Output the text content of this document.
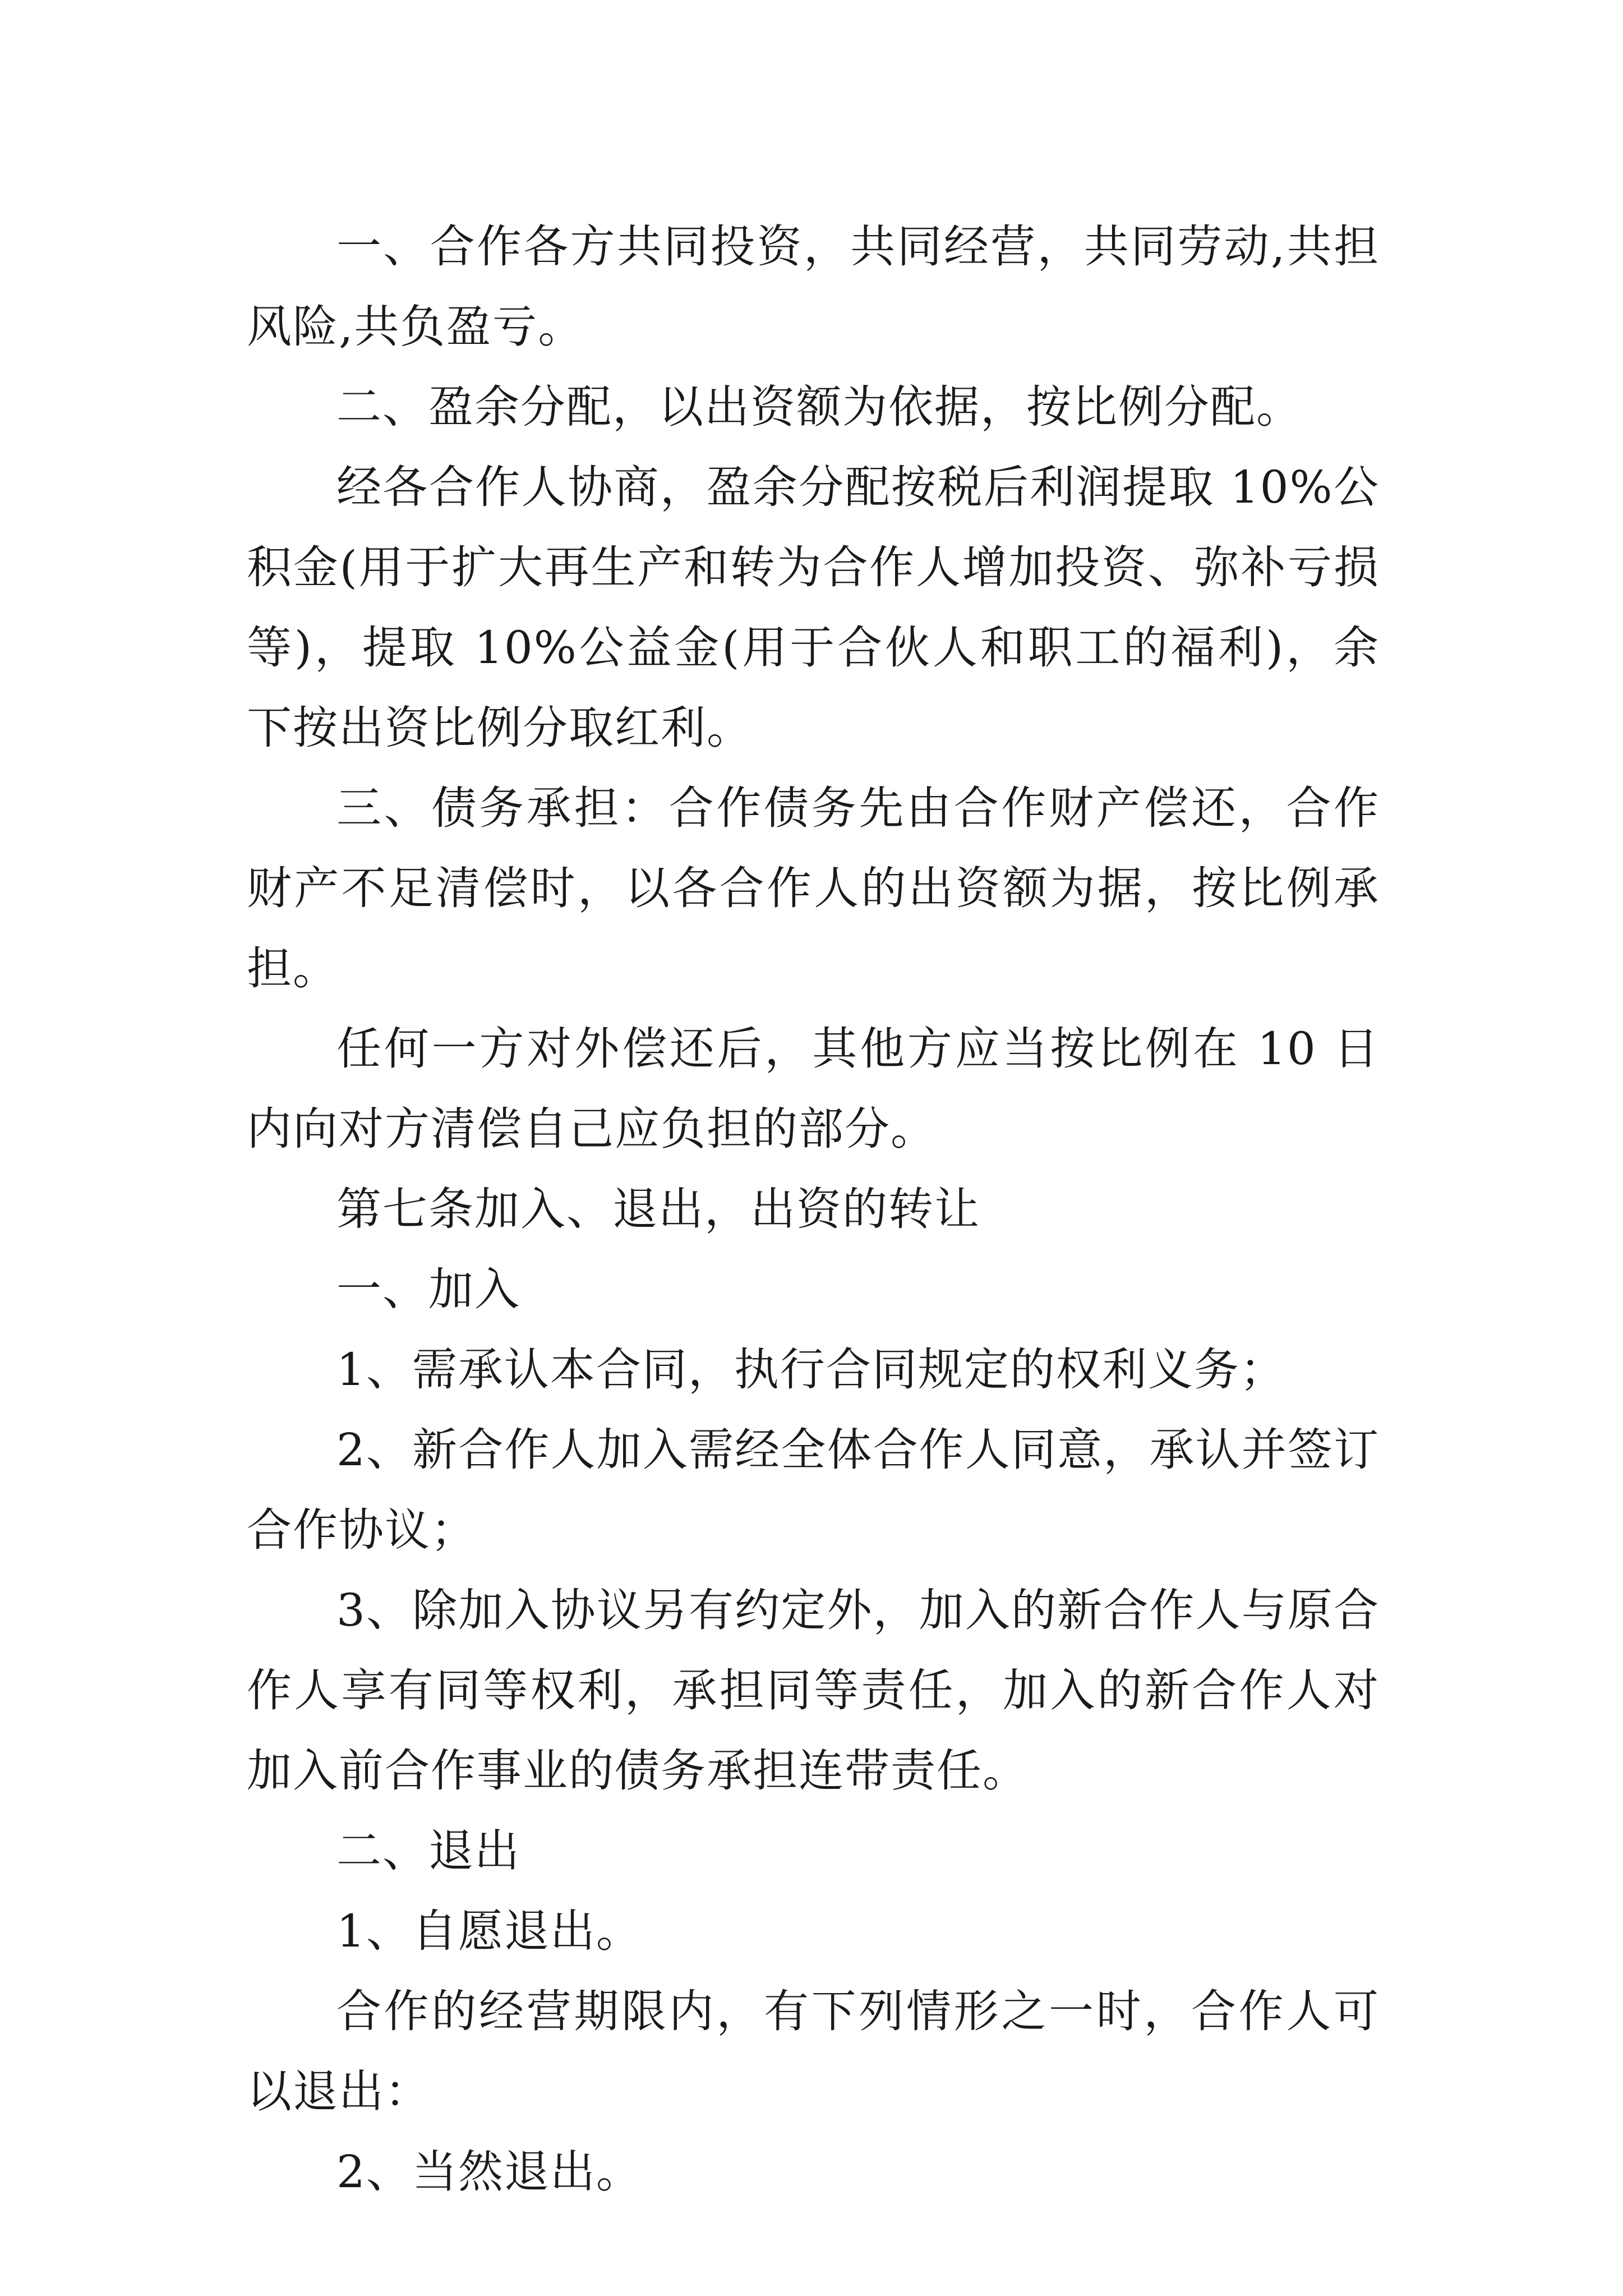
一、合作各方共同投资，共同经营，共同劳动,共担风险,共负盈亏。

二、盈余分配，以出资额为依据，按比例分配。

经各合作人协商，盈余分配按税后利润提取 10%公积金(用于扩大再生产和转为合作人增加投资、弥补亏损等)，提取 10%公益金(用于合伙人和职工的福利)，余下按出资比例分取红利。

三、债务承担：合作债务先由合作财产偿还，合作财产不足清偿时，以各合作人的出资额为据，按比例承担。

任何一方对外偿还后，其他方应当按比例在 10 日内向对方清偿自己应负担的部分。

第七条加入、退出，出资的转让

一、加入

1、需承认本合同，执行合同规定的权利义务；

2、新合作人加入需经全体合作人同意，承认并签订合作协议；

3、除加入协议另有约定外，加入的新合作人与原合作人享有同等权利，承担同等责任，加入的新合作人对加入前合作事业的债务承担连带责任。

二、退出

1、自愿退出。

合作的经营期限内，有下列情形之一时，合作人可以退出：

2、当然退出。
